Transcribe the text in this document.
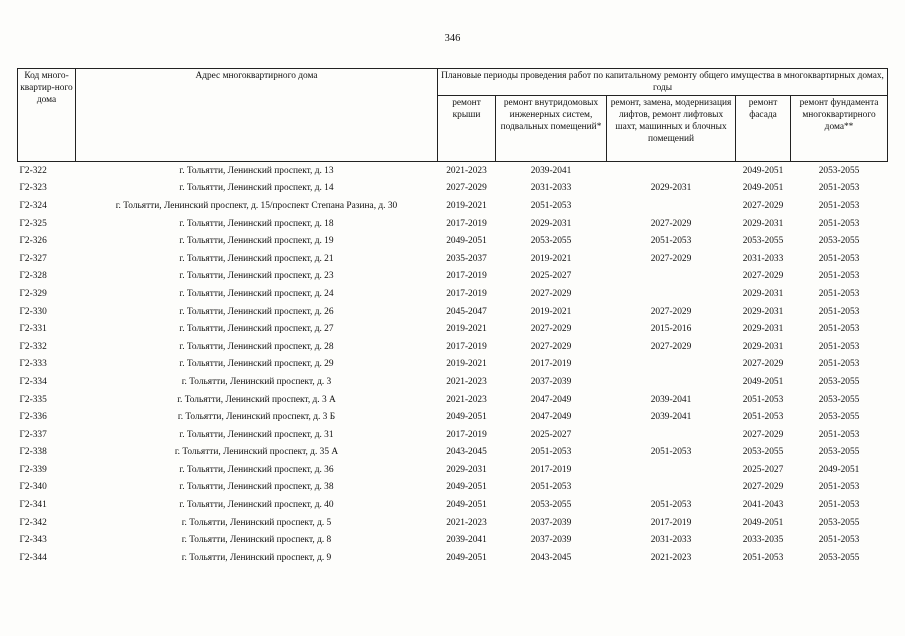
346
Код много-квартир-ного дома	Адрес многоквартирного дома	Плановые периоды проведения работ по капитальному ремонту общего имущества в многоквартирных домах, годы				
		ремонт крыши	ремонт внутридомовых инженерных систем, подвальных помещений*	ремонт, замена, модернизация лифтов, ремонт лифтовых шахт, машинных и блочных помещений	ремонт фасада	ремонт фундамента многоквартирного дома**
Г2-322	г. Тольятти, Ленинский проспект, д. 13	2021-2023	2039-2041		2049-2051	2053-2055
Г2-323	г. Тольятти, Ленинский проспект, д. 14	2027-2029	2031-2033	2029-2031	2049-2051	2051-2053
Г2-324	г. Тольятти, Ленинский проспект, д. 15/проспект Степана Разина, д. 30	2019-2021	2051-2053		2027-2029	2051-2053
Г2-325	г. Тольятти, Ленинский проспект, д. 18	2017-2019	2029-2031	2027-2029	2029-2031	2051-2053
Г2-326	г. Тольятти, Ленинский проспект, д. 19	2049-2051	2053-2055	2051-2053	2053-2055	2053-2055
Г2-327	г. Тольятти, Ленинский проспект, д. 21	2035-2037	2019-2021	2027-2029	2031-2033	2051-2053
Г2-328	г. Тольятти, Ленинский проспект, д. 23	2017-2019	2025-2027		2027-2029	2051-2053
Г2-329	г. Тольятти, Ленинский проспект, д. 24	2017-2019	2027-2029		2029-2031	2051-2053
Г2-330	г. Тольятти, Ленинский проспект, д. 26	2045-2047	2019-2021	2027-2029	2029-2031	2051-2053
Г2-331	г. Тольятти, Ленинский проспект, д. 27	2019-2021	2027-2029	2015-2016	2029-2031	2051-2053
Г2-332	г. Тольятти, Ленинский проспект, д. 28	2017-2019	2027-2029	2027-2029	2029-2031	2051-2053
Г2-333	г. Тольятти, Ленинский проспект, д. 29	2019-2021	2017-2019		2027-2029	2051-2053
Г2-334	г. Тольятти, Ленинский проспект, д. 3	2021-2023	2037-2039		2049-2051	2053-2055
Г2-335	г. Тольятти, Ленинский проспект, д. 3 А	2021-2023	2047-2049	2039-2041	2051-2053	2053-2055
Г2-336	г. Тольятти, Ленинский проспект, д. 3 Б	2049-2051	2047-2049	2039-2041	2051-2053	2053-2055
Г2-337	г. Тольятти, Ленинский проспект, д. 31	2017-2019	2025-2027		2027-2029	2051-2053
Г2-338	г. Тольятти, Ленинский проспект, д. 35 А	2043-2045	2051-2053	2051-2053	2053-2055	2053-2055
Г2-339	г. Тольятти, Ленинский проспект, д. 36	2029-2031	2017-2019		2025-2027	2049-2051
Г2-340	г. Тольятти, Ленинский проспект, д. 38	2049-2051	2051-2053		2027-2029	2051-2053
Г2-341	г. Тольятти, Ленинский проспект, д. 40	2049-2051	2053-2055	2051-2053	2041-2043	2051-2053
Г2-342	г. Тольятти, Ленинский проспект, д. 5	2021-2023	2037-2039	2017-2019	2049-2051	2053-2055
Г2-343	г. Тольятти, Ленинский проспект, д. 8	2039-2041	2037-2039	2031-2033	2033-2035	2051-2053
Г2-344	г. Тольятти, Ленинский проспект, д. 9	2049-2051	2043-2045	2021-2023	2051-2053	2053-2055
